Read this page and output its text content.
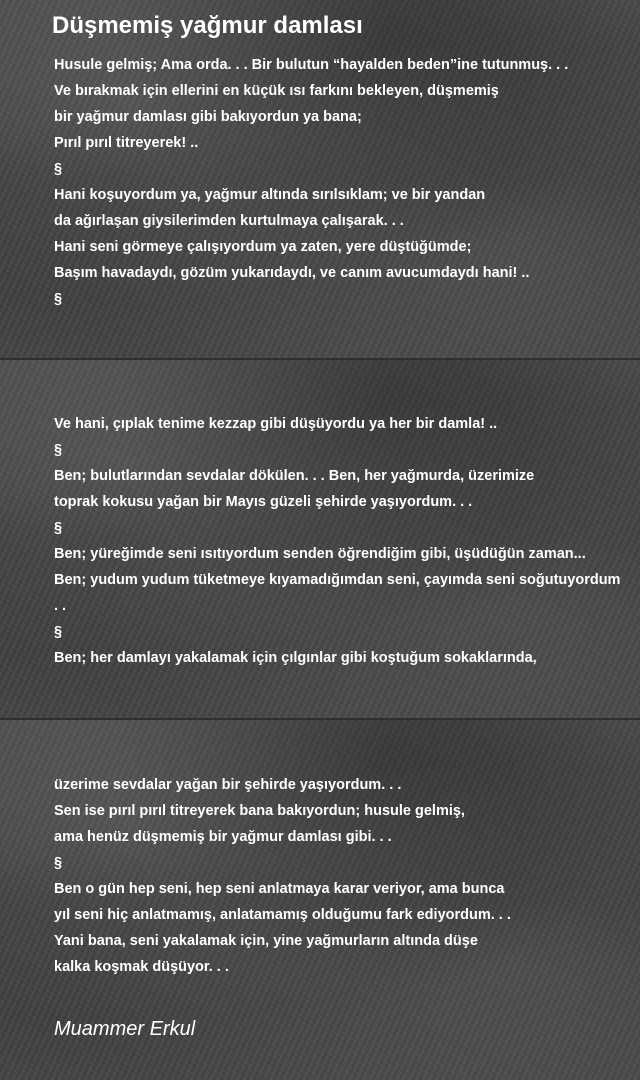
Düşmemiş yağmur damlası
Husule gelmiş; Ama orda. . . Bir bulutun “hayalden beden”ine tutunmuş. . .
Ve bırakmak için ellerini en küçük ısı farkını bekleyen, düşmemiş
bir yağmur damlası gibi bakıyordun ya bana;
Pırıl pırıl titreyerek! ..
§
Hani koşuyordum ya, yağmur altında sırılsıklam; ve bir yandan
da ağırlaşan giysilerimden kurtulmaya çalışarak. . .
Hani seni görmeye çalışıyordum ya zaten, yere düştüğümde;
Başım havadaydı, gözüm yukarıdaydı, ve canım avucumdaydı hani! ..
§
Ve hani, çıplak tenime kezzap gibi düşüyordu ya her bir damla! ..
§
Ben; bulutlarından sevdalar dökülen. . . Ben, her yağmurda, üzerimize
toprak kokusu yağan bir Mayıs güzeli şehirde yaşıyordum. . .
§
Ben; yüreğimde seni ısıtıyordum senden öğrendiğim gibi, üşüdüğün zaman...
Ben; yudum yudum tüketmeye kıyamadığımdan seni, çayımda seni soğutuyordum
. .
§
Ben; her damlayı yakalamak için çılgınlar gibi koştuğum sokaklarında,
üzerime sevdalar yağan bir şehirde yaşıyordum. . .
Sen ise pırıl pırıl titreyerek bana bakıyordun; husule gelmiş,
ama henüz düşmemiş bir yağmur damlası gibi. . .
§
Ben o gün hep seni, hep seni anlatmaya karar veriyor, ama bunca
yıl seni hiç anlatmamış, anlatamamış olduğumu fark ediyordum. . .
Yani bana, seni yakalamak için, yine yağmurların altında düşe
kalka koşmak düşüyor. . .
Muammer Erkul
